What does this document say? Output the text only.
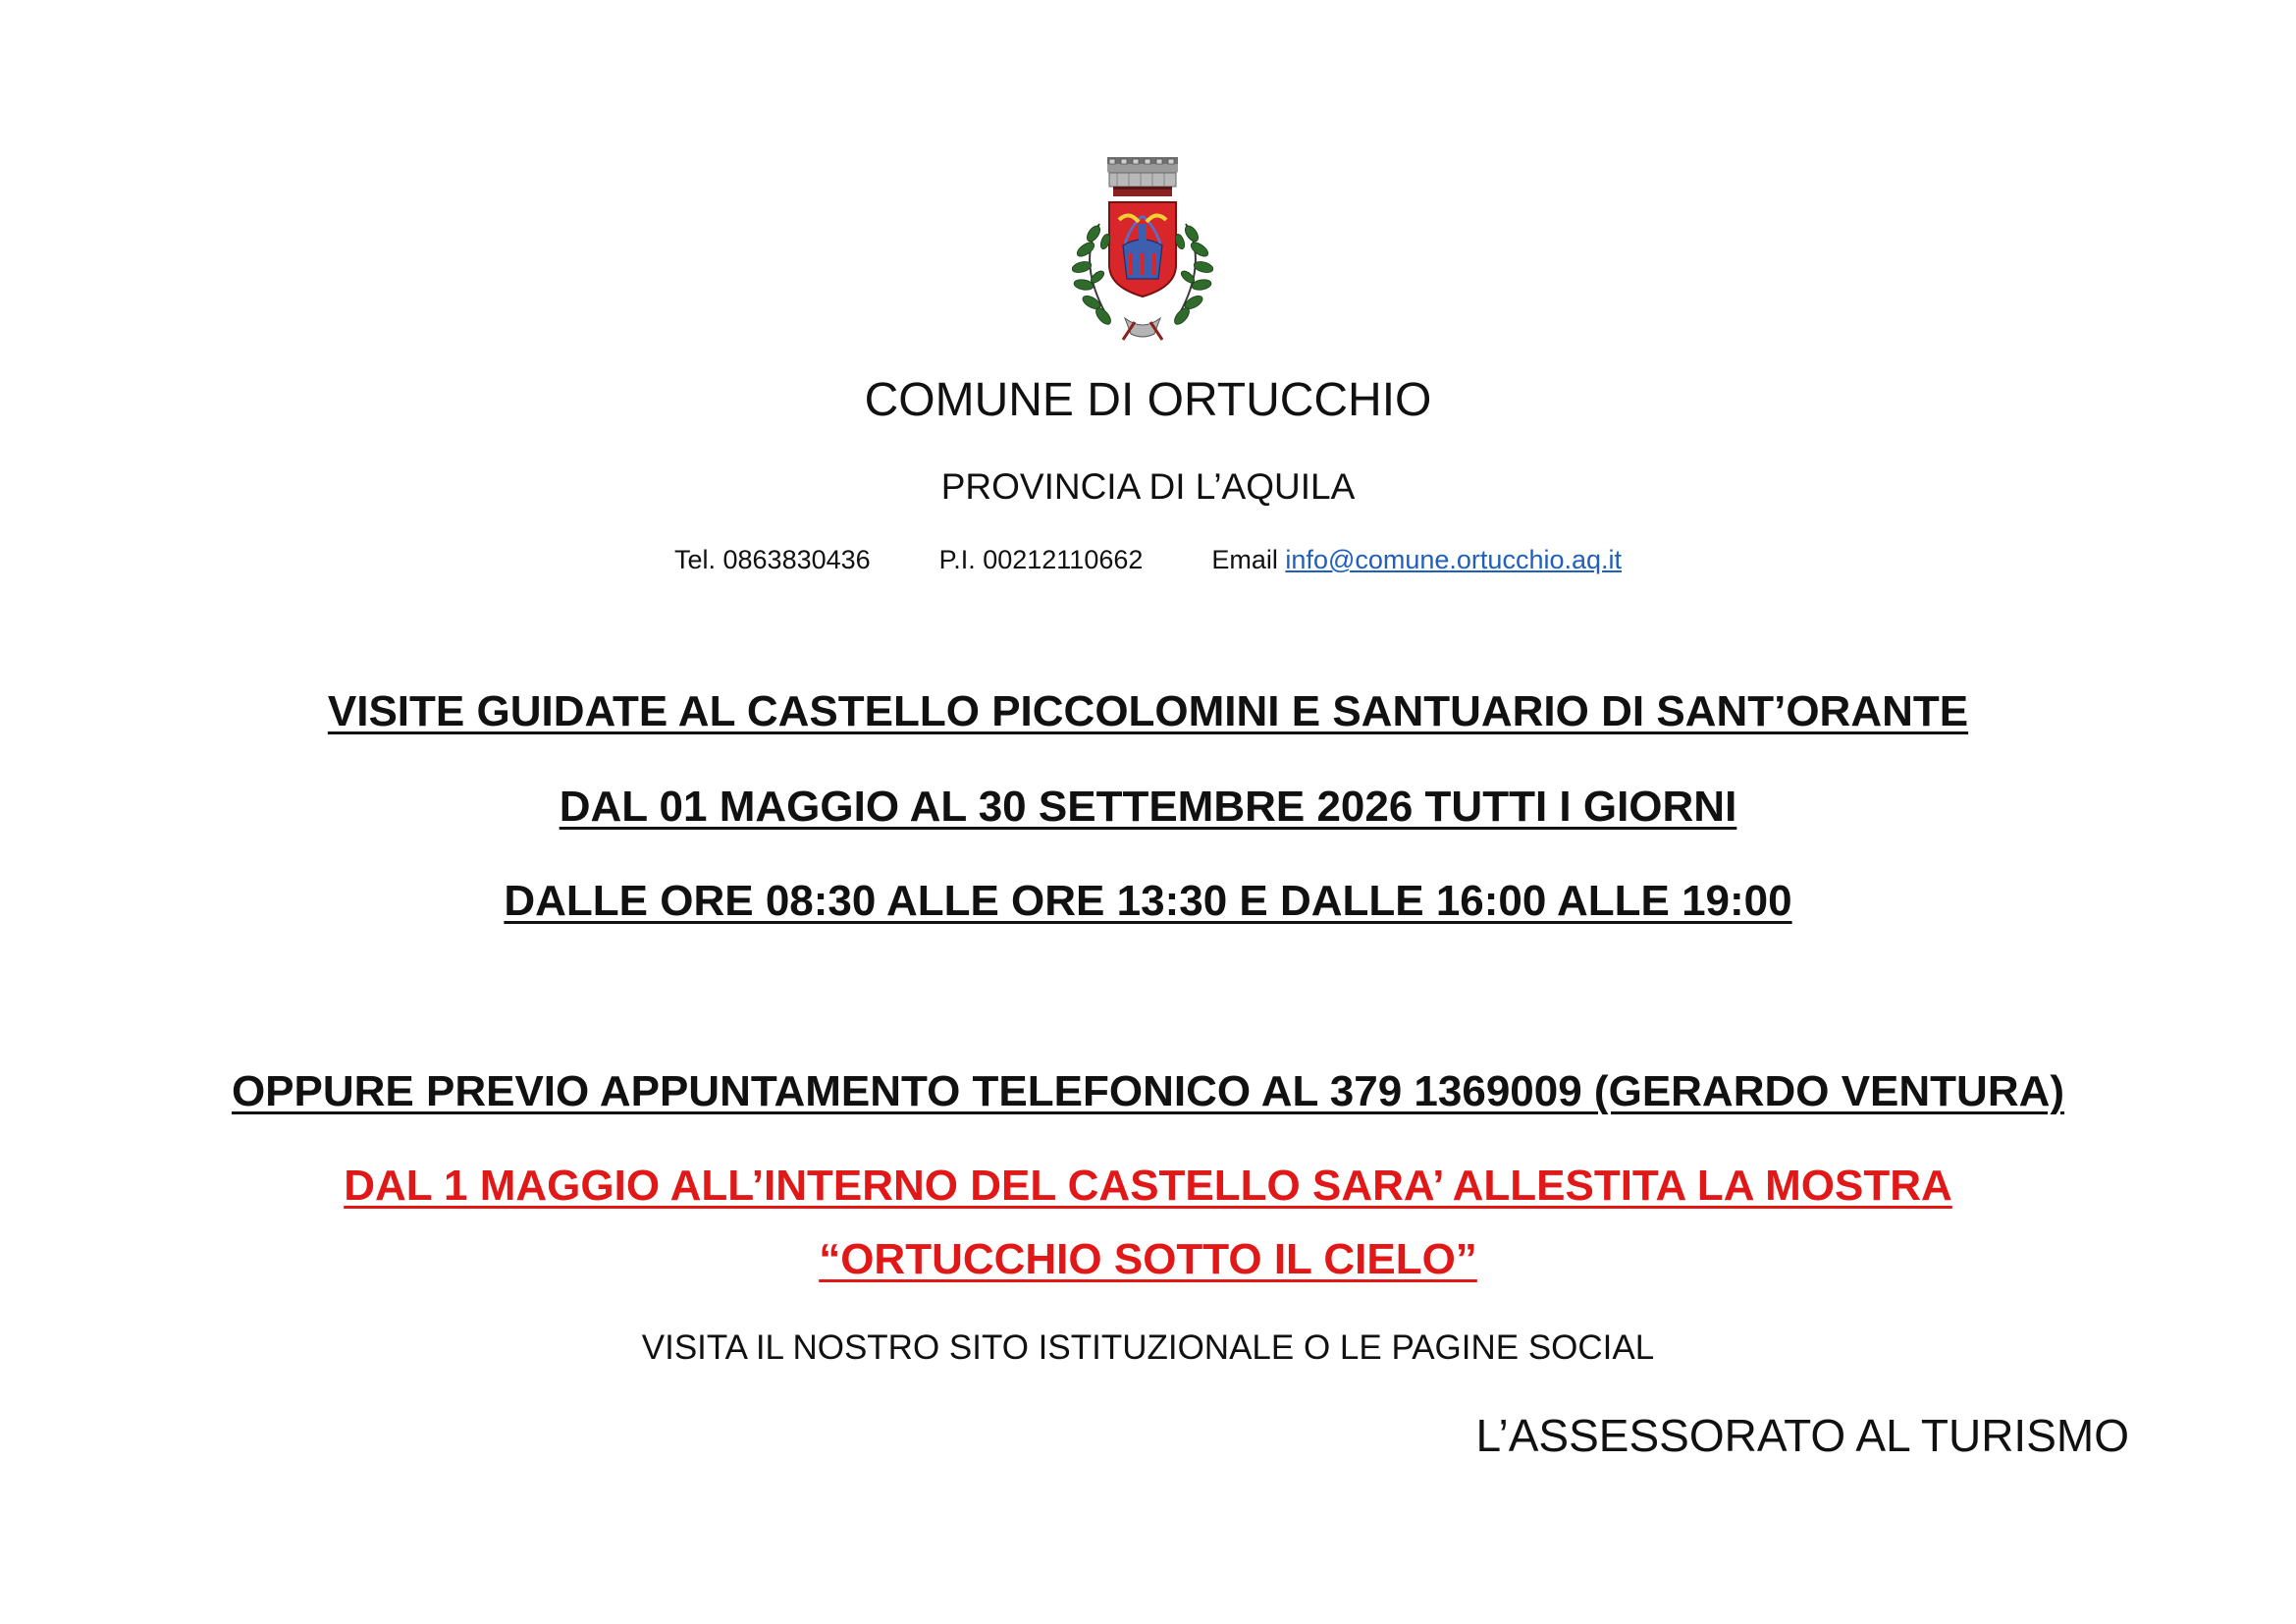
COMUNE DI ORTUCCHIO
PROVINCIA DI L’AQUILA
Tel. 0863830436	P.I. 00212110662	Email info@comune.ortucchio.aq.it
VISITE GUIDATE AL CASTELLO PICCOLOMINI E SANTUARIO DI SANT’ORANTE
DAL 01 MAGGIO AL 30 SETTEMBRE 2026 TUTTI I GIORNI
DALLE ORE 08:30 ALLE ORE 13:30 E DALLE 16:00 ALLE 19:00
OPPURE PREVIO APPUNTAMENTO TELEFONICO AL 379 1369009 (GERARDO VENTURA)
DAL 1 MAGGIO ALL’INTERNO DEL CASTELLO SARA’ ALLESTITA LA MOSTRA
“ORTUCCHIO SOTTO IL CIELO”
VISITA IL NOSTRO SITO ISTITUZIONALE O LE PAGINE SOCIAL
L’ASSESSORATO AL TURISMO
